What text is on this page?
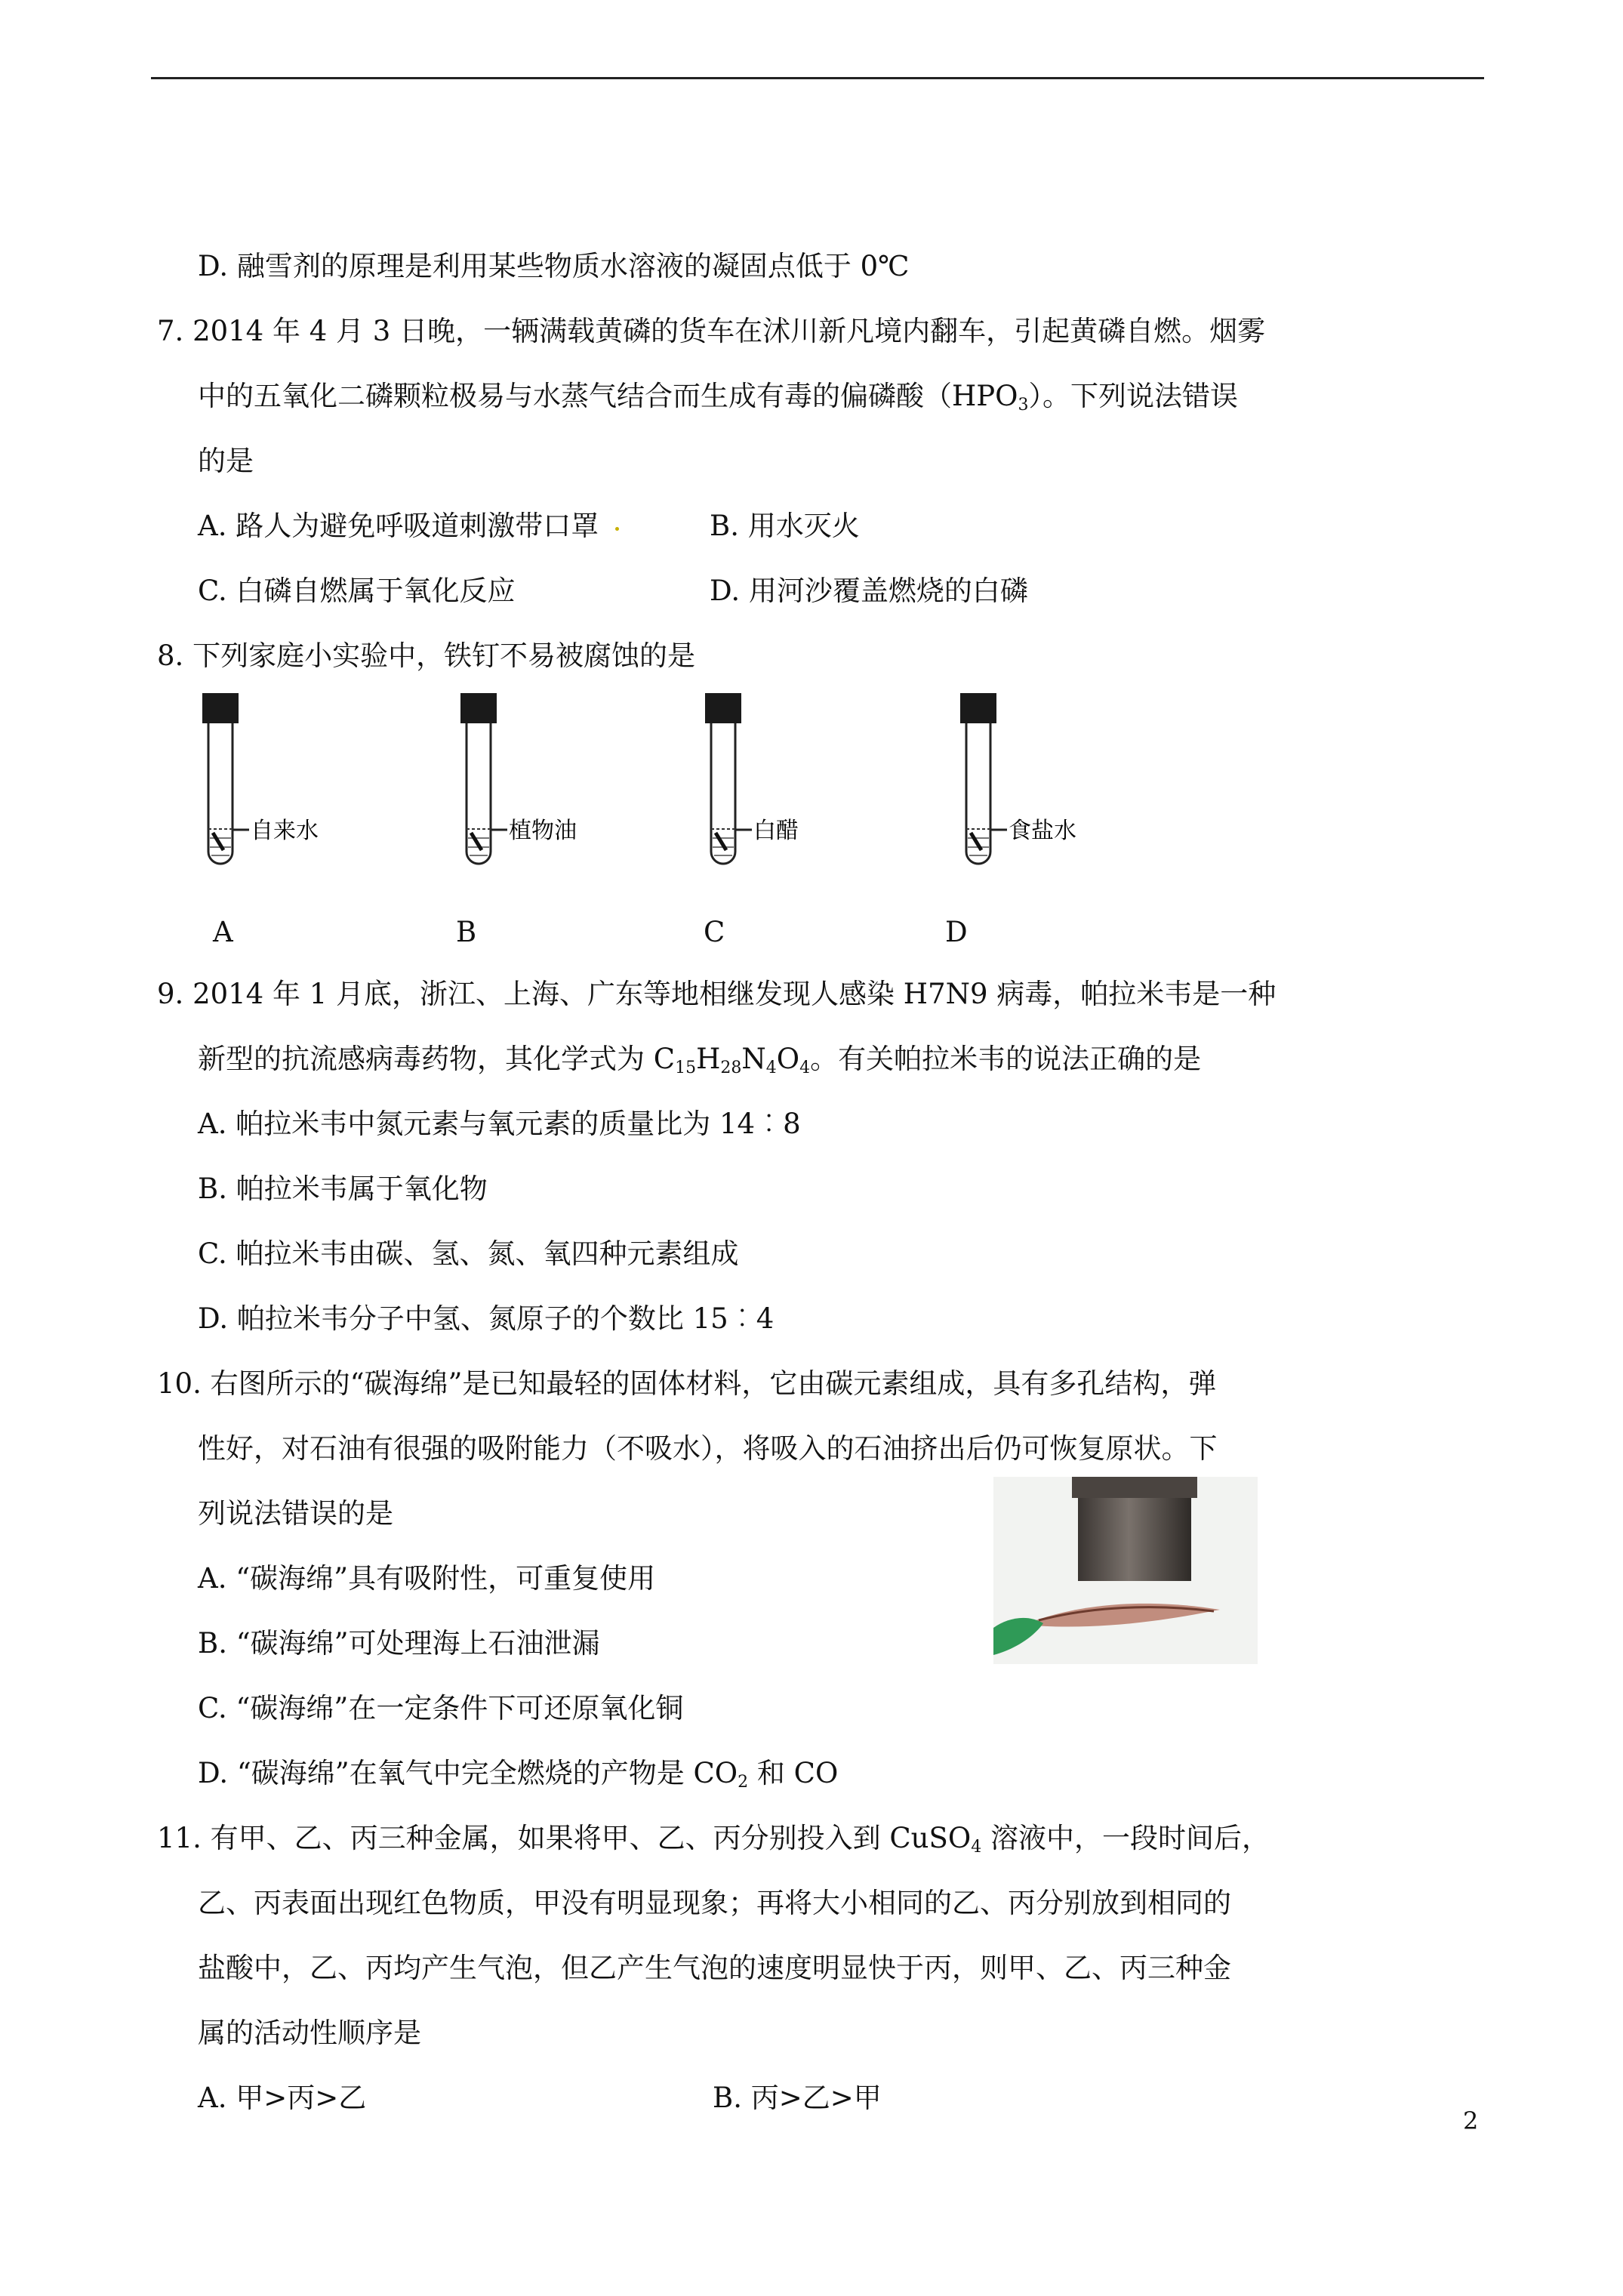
D. 融雪剂的原理是利用某些物质水溶液的凝固点低于 0℃
7. 2014 年 4 月 3 日晚，一辆满载黄磷的货车在沭川新凡境内翻车，引起黄磷自燃。烟雾
中的五氧化二磷颗粒极易与水蒸气结合而生成有毒的偏磷酸$(HPO_3)$。下列说法错误
的是
A. 路人为避免呼吸道刺激带口罩	B. 用水灭火
C. 白磷自燃属于氧化反应	D. 用河沙覆盖燃烧的白磷
8. 下列家庭小实验中，铁钉不易被腐蚀的是
自来水	植物油	白醋	食盐水
A	B	C	D
9. 2014 年 1 月底，浙江、上海、广东等地相继发现人感染 H7N9 病毒，帕拉米韦是一种
新型的抗流感病毒药物，其化学式为 $C_{15}H_{28}N_4O_4$。有关帕拉米韦的说法正确的是
A. 帕拉米韦中氮元素与氧元素的质量比为 14︰8
B. 帕拉米韦属于氧化物
C. 帕拉米韦由碳、氢、氮、氧四种元素组成
D. 帕拉米韦分子中氢、氮原子的个数比 15︰4
10. 右图所示的“碳海绵”是已知最轻的固体材料，它由碳元素组成，具有多孔结构，弹
性好，对石油有很强的吸附能力（不吸水），将吸入的石油挤出后仍可恢复原状。下
列说法错误的是
A. “碳海绵”具有吸附性，可重复使用
B. “碳海绵”可处理海上石油泄漏
C. “碳海绵”在一定条件下可还原氧化铜
D. “碳海绵”在氧气中完全燃烧的产物是 $CO_2$ 和 CO
11. 有甲、乙、丙三种金属，如果将甲、乙、丙分别投入到 CuSO$_4$ 溶液中，一段时间后，
乙、丙表面出现红色物质，甲没有明显现象；再将大小相同的乙、丙分别放到相同的
盐酸中，乙、丙均产生气泡，但乙产生气泡的速度明显快于丙，则甲、乙、丙三种金
属的活动性顺序是
A. 甲>丙>乙	B. 丙>乙>甲
2
